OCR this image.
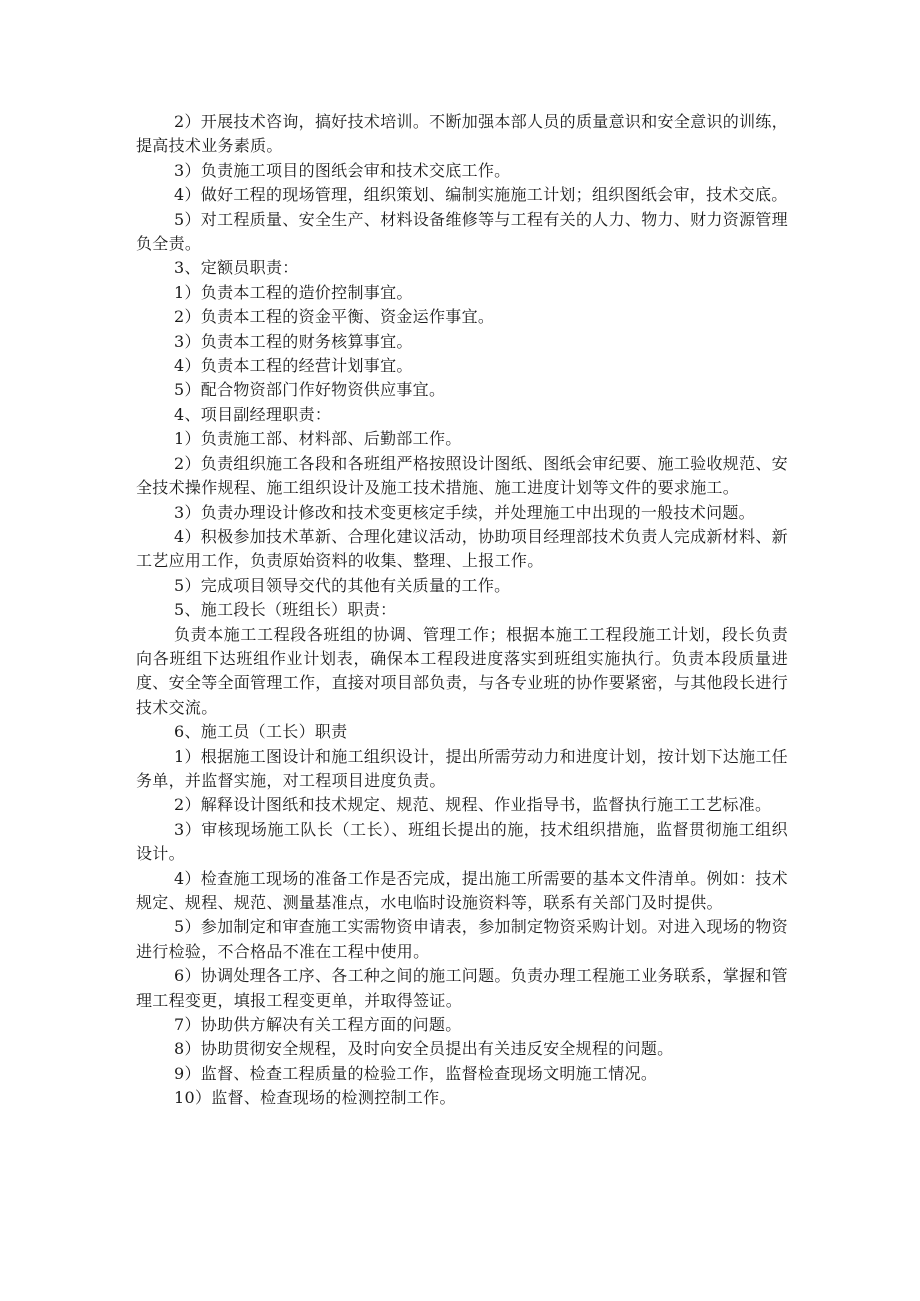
2）开展技术咨询，搞好技术培训。不断加强本部人员的质量意识和安全意识的训练，提高技术业务素质。

3）负责施工项目的图纸会审和技术交底工作。

4）做好工程的现场管理，组织策划、编制实施施工计划；组织图纸会审，技术交底。

5）对工程质量、安全生产、材料设备维修等与工程有关的人力、物力、财力资源管理负全责。

3、定额员职责：

1）负责本工程的造价控制事宜。

2）负责本工程的资金平衡、资金运作事宜。

3）负责本工程的财务核算事宜。

4）负责本工程的经营计划事宜。

5）配合物资部门作好物资供应事宜。

4、项目副经理职责：

1）负责施工部、材料部、后勤部工作。

2）负责组织施工各段和各班组严格按照设计图纸、图纸会审纪要、施工验收规范、安全技术操作规程、施工组织设计及施工技术措施、施工进度计划等文件的要求施工。

3）负责办理设计修改和技术变更核定手续，并处理施工中出现的一般技术问题。

4）积极参加技术革新、合理化建议活动，协助项目经理部技术负责人完成新材料、新工艺应用工作，负责原始资料的收集、整理、上报工作。

5）完成项目领导交代的其他有关质量的工作。

5、施工段长（班组长）职责：

负责本施工工程段各班组的协调、管理工作；根据本施工工程段施工计划，段长负责向各班组下达班组作业计划表，确保本工程段进度落实到班组实施执行。负责本段质量进度、安全等全面管理工作，直接对项目部负责，与各专业班的协作要紧密，与其他段长进行技术交流。

6、施工员（工长）职责

1）根据施工图设计和施工组织设计，提出所需劳动力和进度计划，按计划下达施工任务单，并监督实施，对工程项目进度负责。

2）解释设计图纸和技术规定、规范、规程、作业指导书，监督执行施工工艺标准。

3）审核现场施工队长（工长）、班组长提出的施，技术组织措施，监督贯彻施工组织设计。

4）检查施工现场的准备工作是否完成，提出施工所需要的基本文件清单。例如：技术规定、规程、规范、测量基准点，水电临时设施资料等，联系有关部门及时提供。

5）参加制定和审查施工实需物资申请表，参加制定物资采购计划。对进入现场的物资进行检验，不合格品不准在工程中使用。

6）协调处理各工序、各工种之间的施工问题。负责办理工程施工业务联系，掌握和管理工程变更，填报工程变更单，并取得签证。

7）协助供方解决有关工程方面的问题。

8）协助贯彻安全规程，及时向安全员提出有关违反安全规程的问题。

9）监督、检查工程质量的检验工作，监督检查现场文明施工情况。

10）监督、检查现场的检测控制工作。
